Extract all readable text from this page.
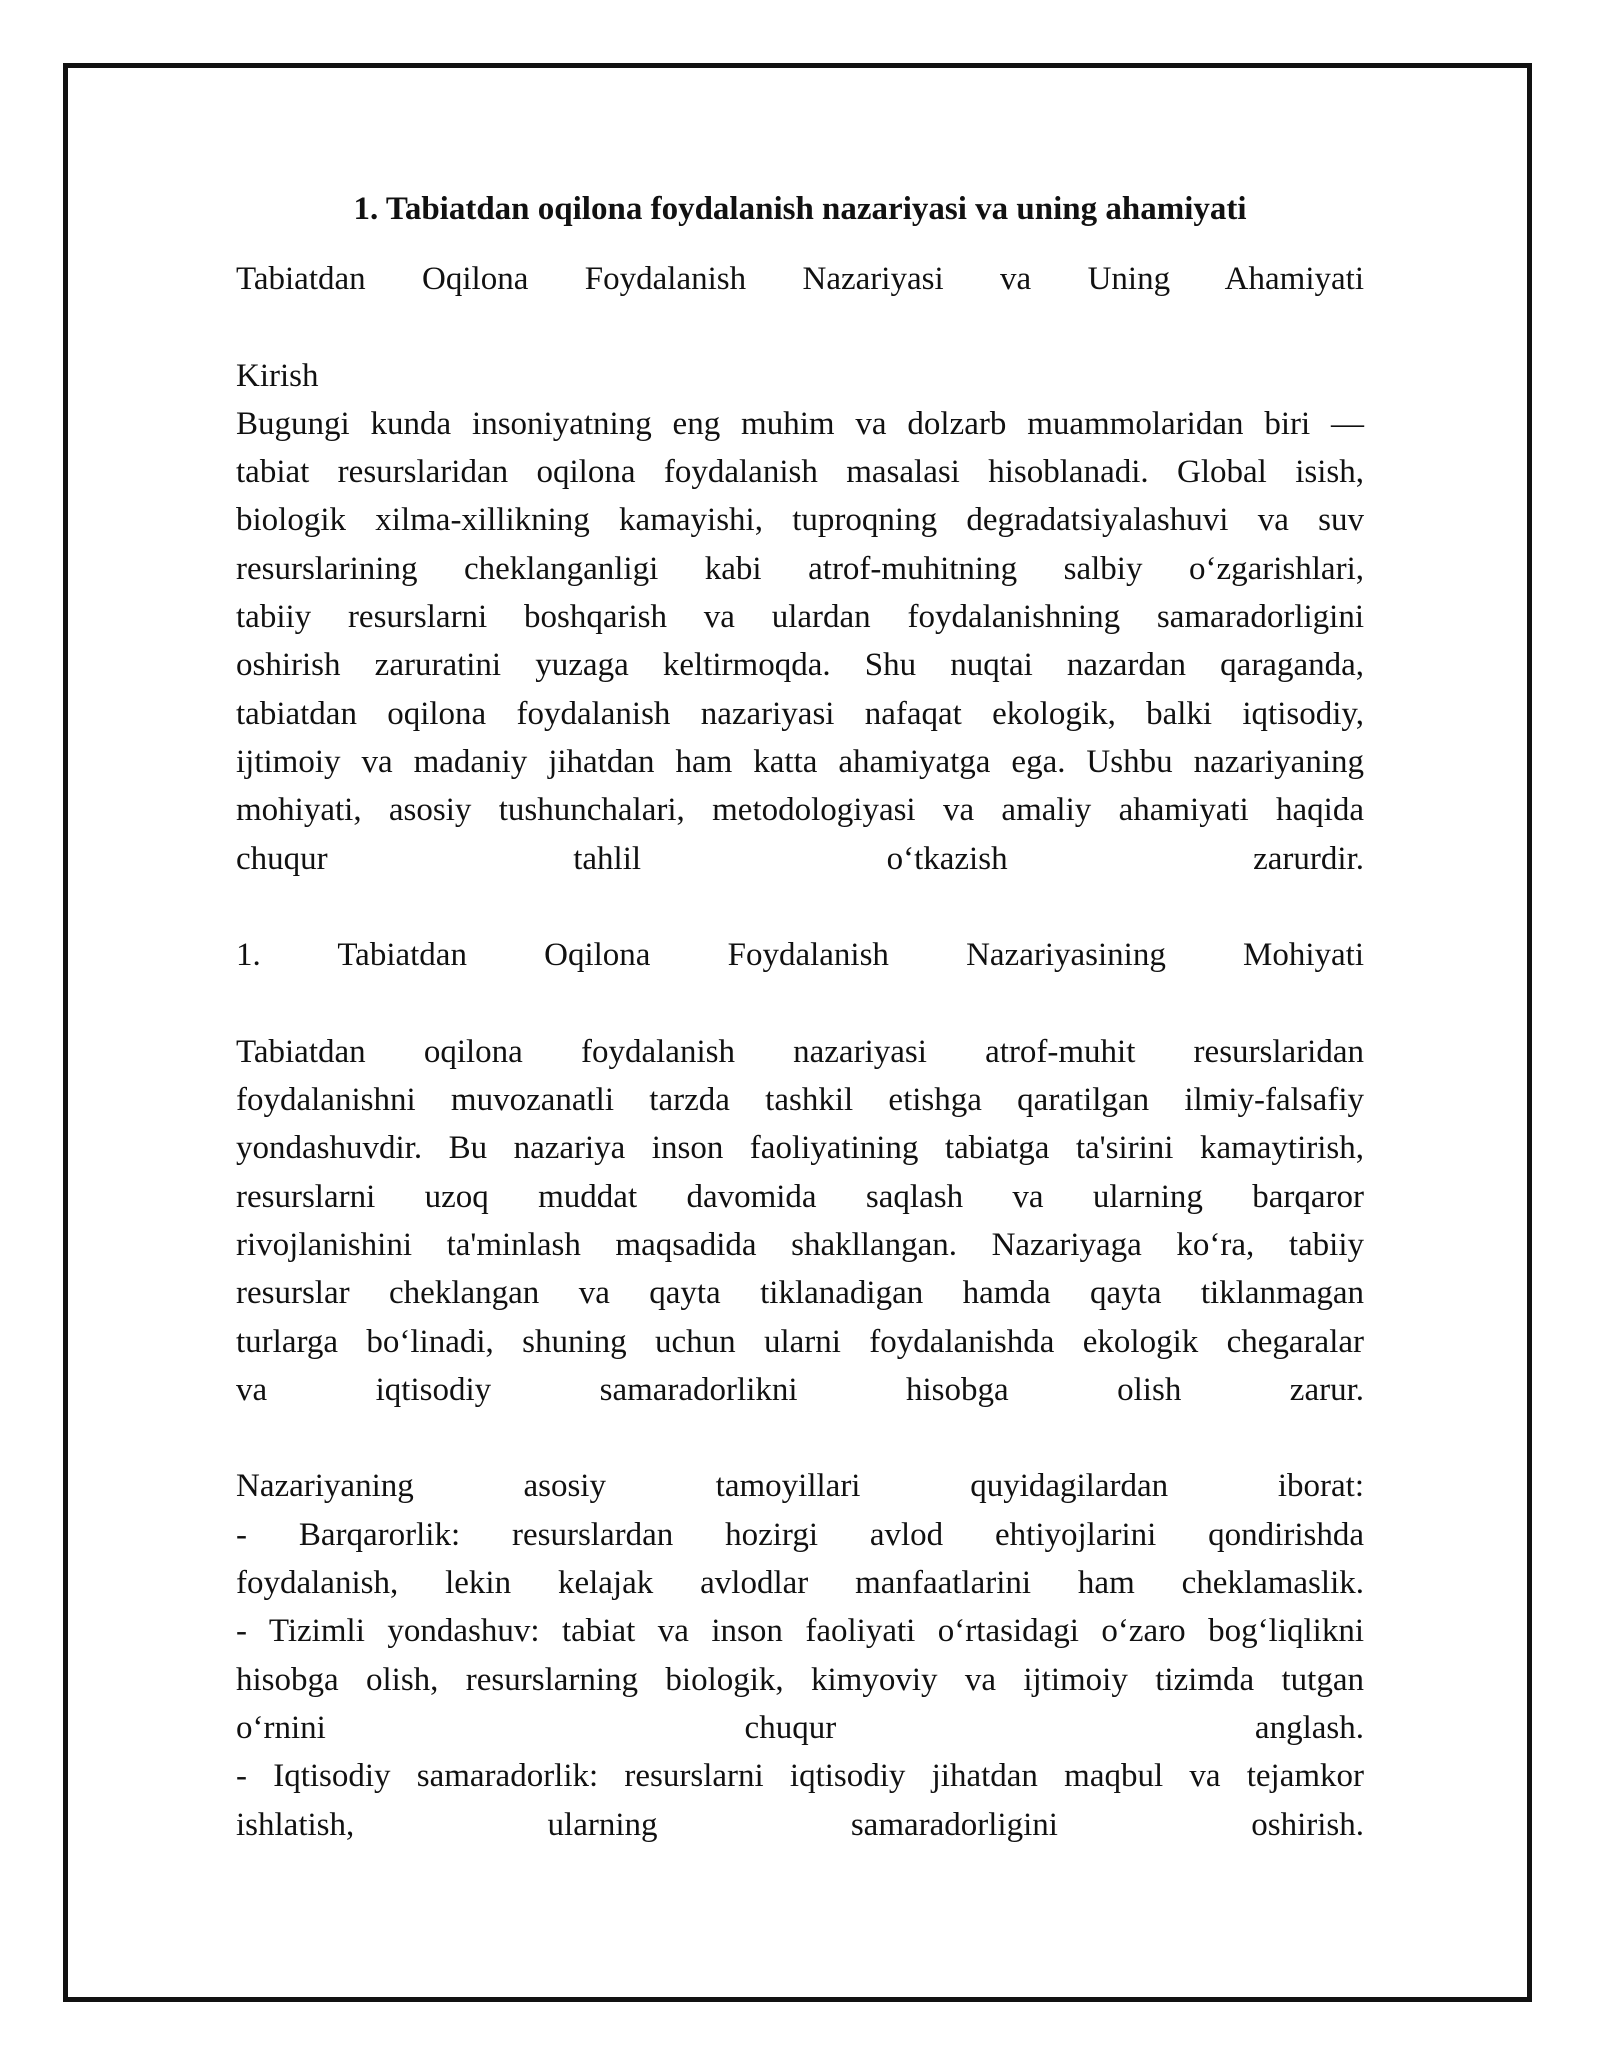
1. Tabiatdan oqilona foydalanish nazariyasi va uning ahamiyati

Tabiatdan Oqilona Foydalanish Nazariyasi va Uning Ahamiyati

Kirish

Bugungi kunda insoniyatning eng muhim va dolzarb muammolaridan biri —
tabiat resurslaridan oqilona foydalanish masalasi hisoblanadi. Global isish,
biologik xilma-xillikning kamayishi, tuproqning degradatsiyalashuvi va suv
resurslarining cheklanganligi kabi atrof-muhitning salbiy oʻzgarishlari,
tabiiy resurslarni boshqarish va ulardan foydalanishning samaradorligini
oshirish zaruratini yuzaga keltirmoqda. Shu nuqtai nazardan qaraganda,
tabiatdan oqilona foydalanish nazariyasi nafaqat ekologik, balki iqtisodiy,
ijtimoiy va madaniy jihatdan ham katta ahamiyatga ega. Ushbu nazariyaning
mohiyati, asosiy tushunchalari, metodologiyasi va amaliy ahamiyati haqida
chuqur tahlil oʻtkazish zarurdir.

1. Tabiatdan Oqilona Foydalanish Nazariyasining Mohiyati

Tabiatdan oqilona foydalanish nazariyasi atrof-muhit resurslaridan
foydalanishni muvozanatli tarzda tashkil etishga qaratilgan ilmiy-falsafiy
yondashuvdir. Bu nazariya inson faoliyatining tabiatga ta'sirini kamaytirish,
resurslarni uzoq muddat davomida saqlash va ularning barqaror
rivojlanishini ta'minlash maqsadida shakllangan. Nazariyaga koʻra, tabiiy
resurslar cheklangan va qayta tiklanadigan hamda qayta tiklanmagan
turlarga boʻlinadi, shuning uchun ularni foydalanishda ekologik chegaralar
va iqtisodiy samaradorlikni hisobga olish zarur.

Nazariyaning asosiy tamoyillari quyidagilardan iborat:
- Barqarorlik: resurslardan hozirgi avlod ehtiyojlarini qondirishda
foydalanish, lekin kelajak avlodlar manfaatlarini ham cheklamaslik.
- Tizimli yondashuv: tabiat va inson faoliyati oʻrtasidagi oʻzaro bogʻliqlikni
hisobga olish, resurslarning biologik, kimyoviy va ijtimoiy tizimda tutgan
oʻrnini chuqur anglash.
- Iqtisodiy samaradorlik: resurslarni iqtisodiy jihatdan maqbul va tejamkor
ishlatish, ularning samaradorligini oshirish.
